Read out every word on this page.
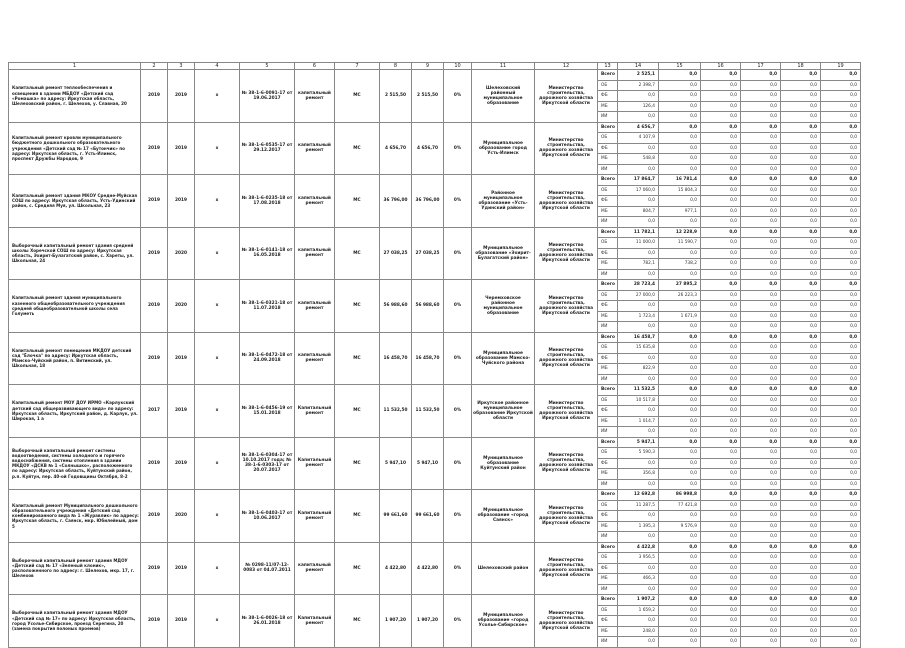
1	2	3	4	5	6	7	8	9	10	11	12	13	14	15	16	17	18	19
Капитальный ремонт теплообеспечения и освещения в здании МБДОУ «Детский сад «Ромашка» по адресу: Иркутская область, Шелеховский район, г. Шелехов, у. Славная, 20	2019	2019	х	№ 38-1-6-0091-17 от 19.06.2017	капитальный ремонт	МС	2 515,50	2 515,50	0%	Шелеховский районный муниципальное образование	Министерство строительства, дорожного хозяйства Иркутской области	Всего	2 525,1	0,0	0,0	0,0	0,0	0,0
												ОБ	2 398,7	0,0	0,0	0,0	0,0	0,0
												ФБ	0,0	0,0	0,0	0,0	0,0	0,0
												МБ	126,4	0,0	0,0	0,0	0,0	0,0
												ИИ	0,0	0,0	0,0	0,0	0,0	0,0
Капитальный ремонт кровли муниципального бюджетного дошкольного образовательного учреждения «Детский сад № 17 «Бутончик» по адресу: Иркутская область, г. Усть-Илимск, проспект Дружбы Народов, 9	2019	2019	х	№ 38-1-6-0535-17 от 29.12.2017	капитальный ремонт	МС	4 656,70	4 656,70	0%	Муниципальное образование город Усть-Илимск	Министерство строительства, дорожного хозяйства Иркутской области	Всего	4 656,7	0,0	0,0	0,0	0,0	0,0
												ОБ	4 107,9	0,0	0,0	0,0	0,0	0,0
												ФБ	0,0	0,0	0,0	0,0	0,0	0,0
												МБ	548,8	0,0	0,0	0,0	0,0	0,0
												ИИ	0,0	0,0	0,0	0,0	0,0	0,0
Капитальный ремонт здания МКОУ Средне-Муйская СОШ по адресу: Иркутская область, Усть-Удинский район, с. Средняя Муя, ул. Школьная, 23	2019	2019	х	№ 38-1-6-0235-18 от 17.08.2018	капитальный ремонт	МС	36 796,00	36 796,00	0%	Районное муниципальное образование «Усть-Удинский район»	Министерство строительства, дорожного хозяйства Иркутской области	Всего	17 864,7	16 781,4	0,0	0,0	0,0	0,0
												ОБ	17 060,0	15 804,3	0,0	0,0	0,0	0,0
												ФБ	0,0	0,0	0,0	0,0	0,0	0,0
												МБ	804,7	977,1	0,0	0,0	0,0	0,0
												ИИ	0,0	0,0	0,0	0,0	0,0	0,0
Выборочный капитальный ремонт здания средней школы Хоречской СОШ по адресу: Иркутская область, Эхирит-Булагатский район, с. Хареты, ул. Школьная, 24	2019	2020	х	№ 38-1-6-0141-18 от 16.05.2018	капитальный ремонт	МС	27 038,25	27 038,25	0%	Муниципальное образование «Эхирит-Булагатский район»	Министерство строительства, дорожного хозяйства Иркутской области	Всего	11 782,1	12 228,9	0,0	0,0	0,0	0,0
												ОБ	11 000,0	11 590,7	0,0	0,0	0,0	0,0
												ФБ	0,0	0,0	0,0	0,0	0,0	0,0
												МБ	782,1	738,2	0,0	0,0	0,0	0,0
												ИИ	0,0	0,0	0,0	0,0	0,0	0,0
Капитальный ремонт здания муниципального казенного общеобразовательного учреждения средней общеобразовательной школы села Голуметь	2019	2020	х	№ 38-1-6-0321-18 от 11.07.2018	капитальный ремонт	МС	56 988,60	56 988,60	0%	Черемховское районное муниципальное образование	Министерство строительства, дорожного хозяйства Иркутской области	Всего	28 723,4	27 895,2	0,0	0,0	0,0	0,0
												ОБ	27 000,0	26 223,3	0,0	0,0	0,0	0,0
												ФБ	0,0	0,0	0,0	0,0	0,0	0,0
												МБ	1 723,4	1 671,9	0,0	0,0	0,0	0,0
												ИИ	0,0	0,0	0,0	0,0	0,0	0,0
Капитальный ремонт помещения МКДОУ детский сад "Ёлочка" по адресу: Иркутская область, Мамско-Чуйский район, п. Витимский, ул. Школьная, 18	2019	2019	х	№ 38-1-6-0472-18 от 24.09.2018	капитальный ремонт	МС	16 458,70	16 458,70	0%	Муниципальное образование Мамско-Чуйского района	Министерство строительства, дорожного хозяйства Иркутской области	Всего	16 458,7	0,0	0,0	0,0	0,0	0,0
												ОБ	15 635,8	0,0	0,0	0,0	0,0	0,0
												ФБ	0,0	0,0	0,0	0,0	0,0	0,0
												МБ	822,9	0,0	0,0	0,0	0,0	0,0
												ИИ	0,0	0,0	0,0	0,0	0,0	0,0
Капитальный ремонт МОУ ДОУ ИРМО «Карлукский детский сад общеразвивающего вида» по адресу: Иркутская область, Иркутский район, д. Карлук, ул. Широкая, 1 а	2017	2019	х	№ 38-1-6-0456-19 от 15.01.2018	Капитальный ремонт	МС	11 532,50	11 532,50	0%	Иркутское районное муниципальное образование Иркутской области	Министерство строительства, дорожного хозяйства Иркутской области	Всего	11 532,5	0,0	0,0	0,0	0,0	0,0
												ОБ	10 517,8	0,0	0,0	0,0	0,0	0,0
												ФБ	0,0	0,0	0,0	0,0	0,0	0,0
												МБ	1 014,7	0,0	0,0	0,0	0,0	0,0
												ИИ	0,0	0,0	0,0	0,0	0,0	0,0
Выборочный капитальный ремонт системы водоотведения, системы холодного и горячего водоснабжения, системы отопления в здании МКДОУ «ДСКВ № 1 «Солнышко», расположенного по адресу: Иркутская область, Куйтунский район, р.п. Куйтун, пер. 40-ой Годовщины Октября, 8-2	2019	2019	х	№ 38-1-6-0304-17 от 10.10.2017 года; № 38-1-6-0303-17 от 20.07.2017	Капитальный ремонт	МС	5 947,10	5 947,10	0%	Муниципальное образование Куйтунский район	Министерство строительства, дорожного хозяйства Иркутской области	Всего	5 947,1	0,0	0,0	0,0	0,0	0,0
												ОБ	5 590,3	0,0	0,0	0,0	0,0	0,0
												ФБ	0,0	0,0	0,0	0,0	0,0	0,0
												МБ	356,8	0,0	0,0	0,0	0,0	0,0
												ИИ	0,0	0,0	0,0	0,0	0,0	0,0
Капитальный ремонт Муниципального дошкольного образовательного учреждения «Детский сад комбинированного вида № 1 «Журавлик» по адресу: Иркутская область, г. Саянск, мкр. Юбилейный, дом 5	2019	2020	х	№ 38-1-6-0403-17 от 10.06.2017	Капитальный ремонт	МС	99 661,60	99 661,60	0%	Муниципальное образование «город Саянск»	Министерство строительства, дорожного хозяйства Иркутской области	Всего	12 692,8	86 998,8	0,0	0,0	0,0	0,0
												ОБ	11 287,5	77 421,8	0,0	0,0	0,0	0,0
												ФБ	0,0	0,0	0,0	0,0	0,0	0,0
												МБ	1 395,3	9 576,9	0,0	0,0	0,0	0,0
												ИИ	0,0	0,0	0,0	0,0	0,0	0,0
Выборочный капитальный ремонт здания МДОУ «Детский сад № 17 «Зеленый клоник», расположенного по адресу: г. Шелехов, мкр. 17, г. Шелехов	2019	2019	х	№ 0298-11/07-12-0083 от 04.07.2011	капитальный ремонт	МС	4 422,80	4 422,80	0%	Шелеховский район	Министерство строительства, дорожного хозяйства Иркутской области	Всего	4 422,8	0,0	0,0	0,0	0,0	0,0
												ОБ	3 956,5	0,0	0,0	0,0	0,0	0,0
												ФБ	0,0	0,0	0,0	0,0	0,0	0,0
												МБ	466,3	0,0	0,0	0,0	0,0	0,0
												ИИ	0,0	0,0	0,0	0,0	0,0	0,0
Выборочный капитальный ремонт здания МДОУ «Детский сад № 17» по адресу: Иркутская область, город Усолье-Сибирское, проезд Серегина, 20 (замена покрытия полоных проемов)	2019	2019	х	№ 38-1-6-0026-18 от 26.01.2018	Капитальный ремонт	МС	1 907,20	1 907,20	0%	Муниципальное образование «город Усолье-Сибирское»	Министерство строительства, дорожного хозяйства Иркутской области	Всего	1 907,2	0,0	0,0	0,0	0,0	0,0
												ОБ	1 659,2	0,0	0,0	0,0	0,0	0,0
												ФБ	0,0	0,0	0,0	0,0	0,0	0,0
												МБ	248,0	0,0	0,0	0,0	0,0	0,0
												ИИ	0,0	0,0	0,0	0,0	0,0	0,0
